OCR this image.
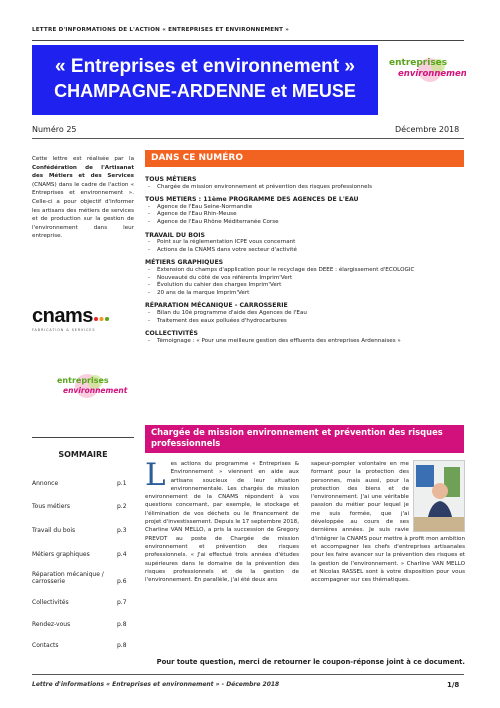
LETTRE D'INFORMATIONS DE L'ACTION « ENTREPRISES ET ENVIRONNEMENT »
« Entreprises et environnement »
CHAMPAGNE-ARDENNE et MEUSE
entreprises
environnement
Numéro 25	Décembre 2018
Cette lettre est réalisée par la Confédération de l'Artisanat des Métiers et des Services (CNAMS) dans le cadre de l'action « Entreprises et environnement ». Celle-ci a pour objectif d'informer les artisans des métiers de services et de production sur la gestion de l'environnement dans leur entreprise.
cnams
FABRICATION & SERVICES
entreprises
environnement
SOMMAIRE
Annonce	p.1
Tous métiers	p.2
Travail du bois	p.3
Métiers graphiques	p.4
Réparation mécanique / carrosserie	p.6
Collectivités	p.7
Rendez-vous	p.8
Contacts	p.8
DANS CE NUMÉRO
TOUS MÉTIERS
- Chargée de mission environnement et prévention des risques professionnels
TOUS METIERS : 11ème PROGRAMME DES AGENCES DE L'EAU
- Agence de l'Eau Seine-Normandie
- Agence de l'Eau Rhin-Meuse
- Agence de l'Eau Rhône Méditerranée Corse
TRAVAIL DU BOIS
- Point sur la réglementation ICPE vous concernant
- Actions de la CNAMS dans votre secteur d'activité
MÉTIERS GRAPHIQUES
- Extension du champs d'application pour le recyclage des DEEE : élargissement d'ECOLOGIC
- Nouveauté du côté de vos référents Imprim'Vert
- Évolution du cahier des charges Imprim'Vert
- 20 ans de la marque Imprim'Vert
RÉPARATION MÉCANIQUE - CARROSSERIE
- Bilan du 10è programme d'aide des Agences de l'Eau
- Traitement des eaux polluées d'hydrocarbures
COLLECTIVITÉS
- Témoignage : « Pour une meilleure gestion des effluents des entreprises Ardennaises »
Chargée de mission environnement et prévention des risques professionnels
L es actions du programme « Entreprises & Environnement » viennent en aide aux artisans soucieux de leur situation environnementale. Les chargés de mission environnement de la CNAMS répondent à vos questions concernant, par exemple, le stockage et l'élimination de vos déchets ou le financement de projet d'investissement. Depuis le 17 septembre 2018, Charline VAN MELLO, a pris la succession de Gregory PREVOT au poste de Chargée de mission environnement et prévention des risques professionnels. « J'ai effectué trois années d'études supérieures dans le domaine de la prévention des risques professionnels et de la gestion de l'environnement. En parallèle, j'ai été deux ans
sapeur-pompier volontaire en me formant pour la protection des personnes, mais aussi, pour la protection des biens et de l'environnement. J'ai une véritable passion du métier pour lequel je me suis formée, que j'ai développée au cours de ses dernières années. Je suis ravie d'intégrer la CNAMS pour mettre à profit mon ambition et accompagner les chefs d'entreprises artisanales pour les faire avancer sur la prévention des risques et la gestion de l'environnement. » Charline VAN MELLO et Nicolas RASSEL sont à votre disposition pour vous accompagner sur ces thématiques.
Pour toute question, merci de retourner le coupon-réponse joint à ce document.
Lettre d'informations « Entreprises et environnement » - Décembre 2018	1/8
